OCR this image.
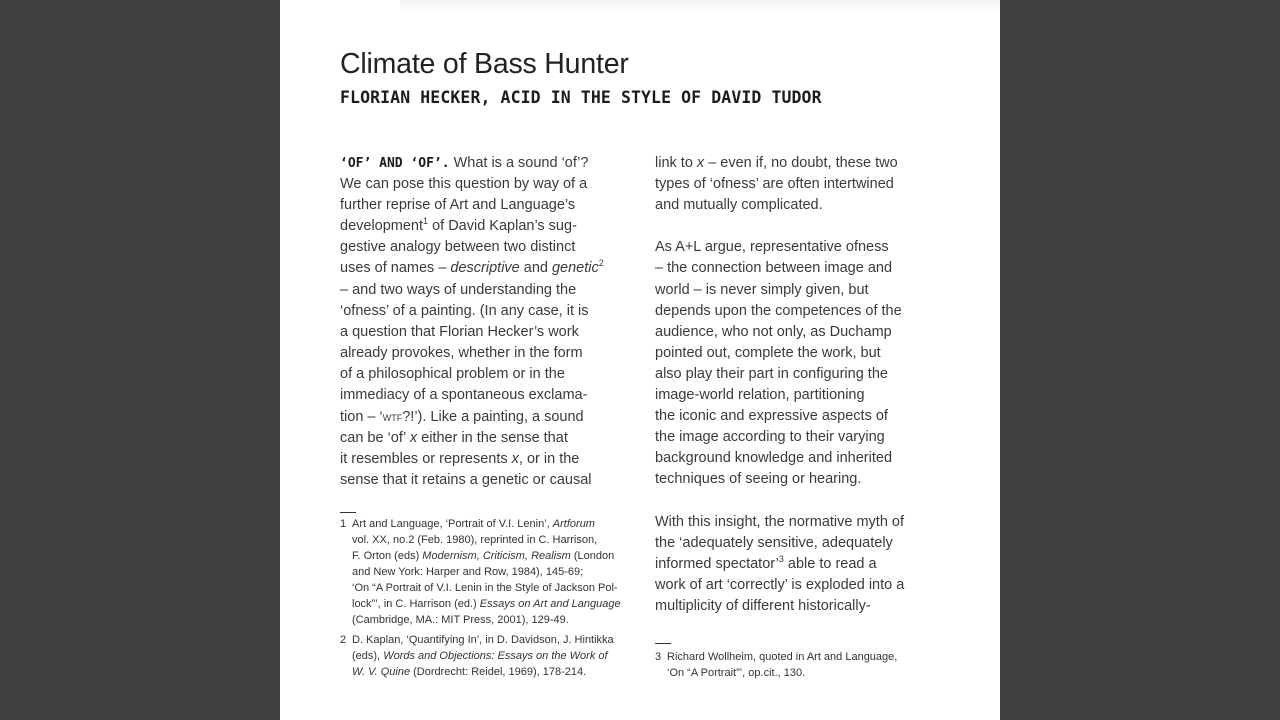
Climate of Bass Hunter
FLORIAN HECKER, ACID IN THE STYLE OF DAVID TUDOR
‘OF’ AND ‘OF’. What is a sound ‘of’?
We can pose this question by way of a
further reprise of Art and Language’s
development$^1$ of David Kaplan’s sug-
gestive analogy between two distinct
uses of names – descriptive and genetic$^2$
– and two ways of understanding the
‘ofness’ of a painting. (In any case, it is
a question that Florian Hecker’s work
already provokes, whether in the form
of a philosophical problem or in the
immediacy of a spontaneous exclama-
tion – ‘wtf?!’). Like a painting, a sound
can be ‘of’ x either in the sense that
it resembles or represents x, or in the
sense that it retains a genetic or causal

link to x – even if, no doubt, these two
types of ‘ofness’ are often intertwined
and mutually complicated.

As A+L argue, representative ofness
– the connection between image and
world – is never simply given, but
depends upon the competences of the
audience, who not only, as Duchamp
pointed out, complete the work, but
also play their part in configuring the
image-world relation, partitioning
the iconic and expressive aspects of
the image according to their varying
background knowledge and inherited
techniques of seeing or hearing.

With this insight, the normative myth of
the ‘adequately sensitive, adequately
informed spectator’$^3$ able to read a
work of art ‘correctly’ is exploded into a
multiplicity of different historically-

1 Art and Language, ‘Portrait of V.I. Lenin’, Artforum
vol. XX, no.2 (Feb. 1980), reprinted in C. Harrison,
F. Orton (eds) Modernism, Criticism, Realism (London
and New York: Harper and Row, 1984), 145-69;
‘On “A Portrait of V.I. Lenin in the Style of Jackson Pol-
lock”’, in C. Harrison (ed.) Essays on Art and Language
(Cambridge, MA.: MIT Press, 2001), 129-49.
2 D. Kaplan, ‘Quantifying In’, in D. Davidson, J. Hintikka
(eds), Words and Objections: Essays on the Work of
W. V. Quine (Dordrecht: Reidel, 1969), 178-214.
3 Richard Wollheim, quoted in Art and Language,
‘On “A Portrait”’, op.cit., 130.
